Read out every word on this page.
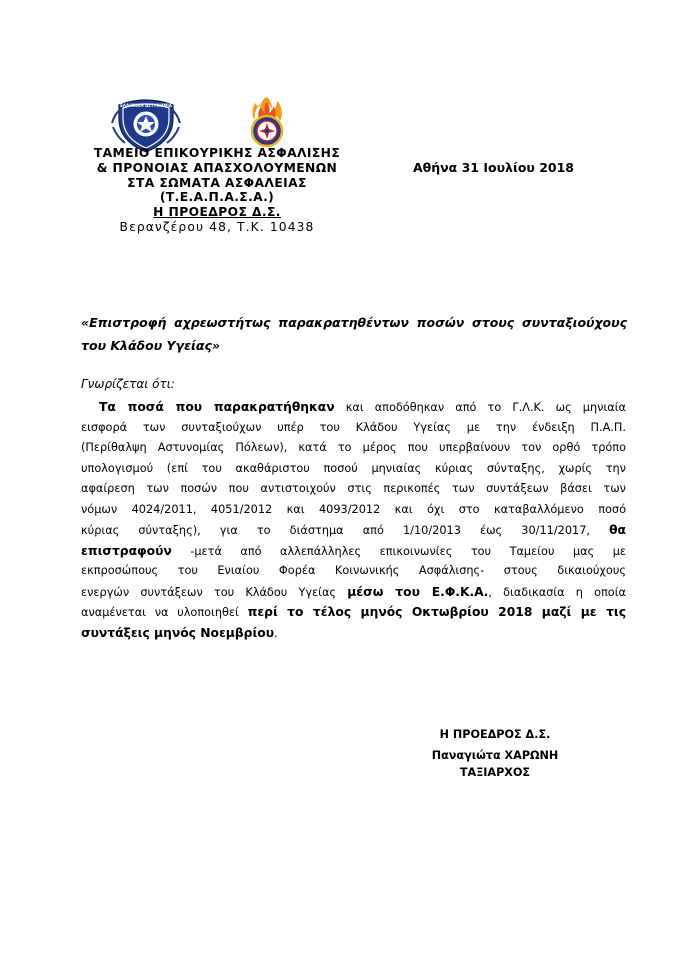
ΕΛΛΗΝΙΚΗ ΑΣΤΥΝΟΜΙΑ
ΤΑΜΕΙΟ ΕΠΙΚΟΥΡΙΚΗΣ ΑΣΦΑΛΙΣΗΣ
& ΠΡΟΝΟΙΑΣ ΑΠΑΣΧΟΛΟΥΜΕΝΩΝ
ΣΤΑ ΣΩΜΑΤΑ ΑΣΦΑΛΕΙΑΣ
(Τ.Ε.Α.Π.Α.Σ.Α.)
Η ΠΡΟΕΔΡΟΣ Δ.Σ.
Βερανζέρου 48, Τ.Κ. 10438
Αθήνα 31 Ιουλίου 2018
«Επιστροφή αχρεωστήτως παρακρατηθέντων ποσών στους συνταξιούχους
του Κλάδου Υγείας»
Γνωρίζεται ότι:
Τα ποσά που παρακρατήθηκαν και αποδόθηκαν από το Γ.Λ.Κ. ως μηνιαία
εισφορά των συνταξιούχων υπέρ του Κλάδου Υγείας με την ένδειξη Π.Α.Π.
(Περίθαλψη Αστυνομίας Πόλεων), κατά το μέρος που υπερβαίνουν τον ορθό τρόπο
υπολογισμού (επί του ακαθάριστου ποσού μηνιαίας κύριας σύνταξης, χωρίς την
αφαίρεση των ποσών που αντιστοιχούν στις περικοπές των συντάξεων βάσει των
νόμων 4024/2011, 4051/2012 και 4093/2012 και όχι στο καταβαλλόμενο ποσό
κύριας σύνταξης), για το διάστημα από 1/10/2013 έως 30/11/2017, θα
επιστραφούν -μετά από αλλεπάλληλες επικοινωνίες του Ταμείου μας με
εκπροσώπους του Ενιαίου Φορέα Κοινωνικής Ασφάλισης- στους δικαιούχους
ενεργών συντάξεων του Κλάδου Υγείας μέσω του Ε.Φ.Κ.Α., διαδικασία η οποία
αναμένεται να υλοποιηθεί περί το τέλος μηνός Οκτωβρίου 2018 μαζί με τις
συντάξεις μηνός Νοεμβρίου.
Η ΠΡΟΕΔΡΟΣ Δ.Σ.
Παναγιώτα ΧΑΡΩΝΗ
ΤΑΞΙΑΡΧΟΣ
